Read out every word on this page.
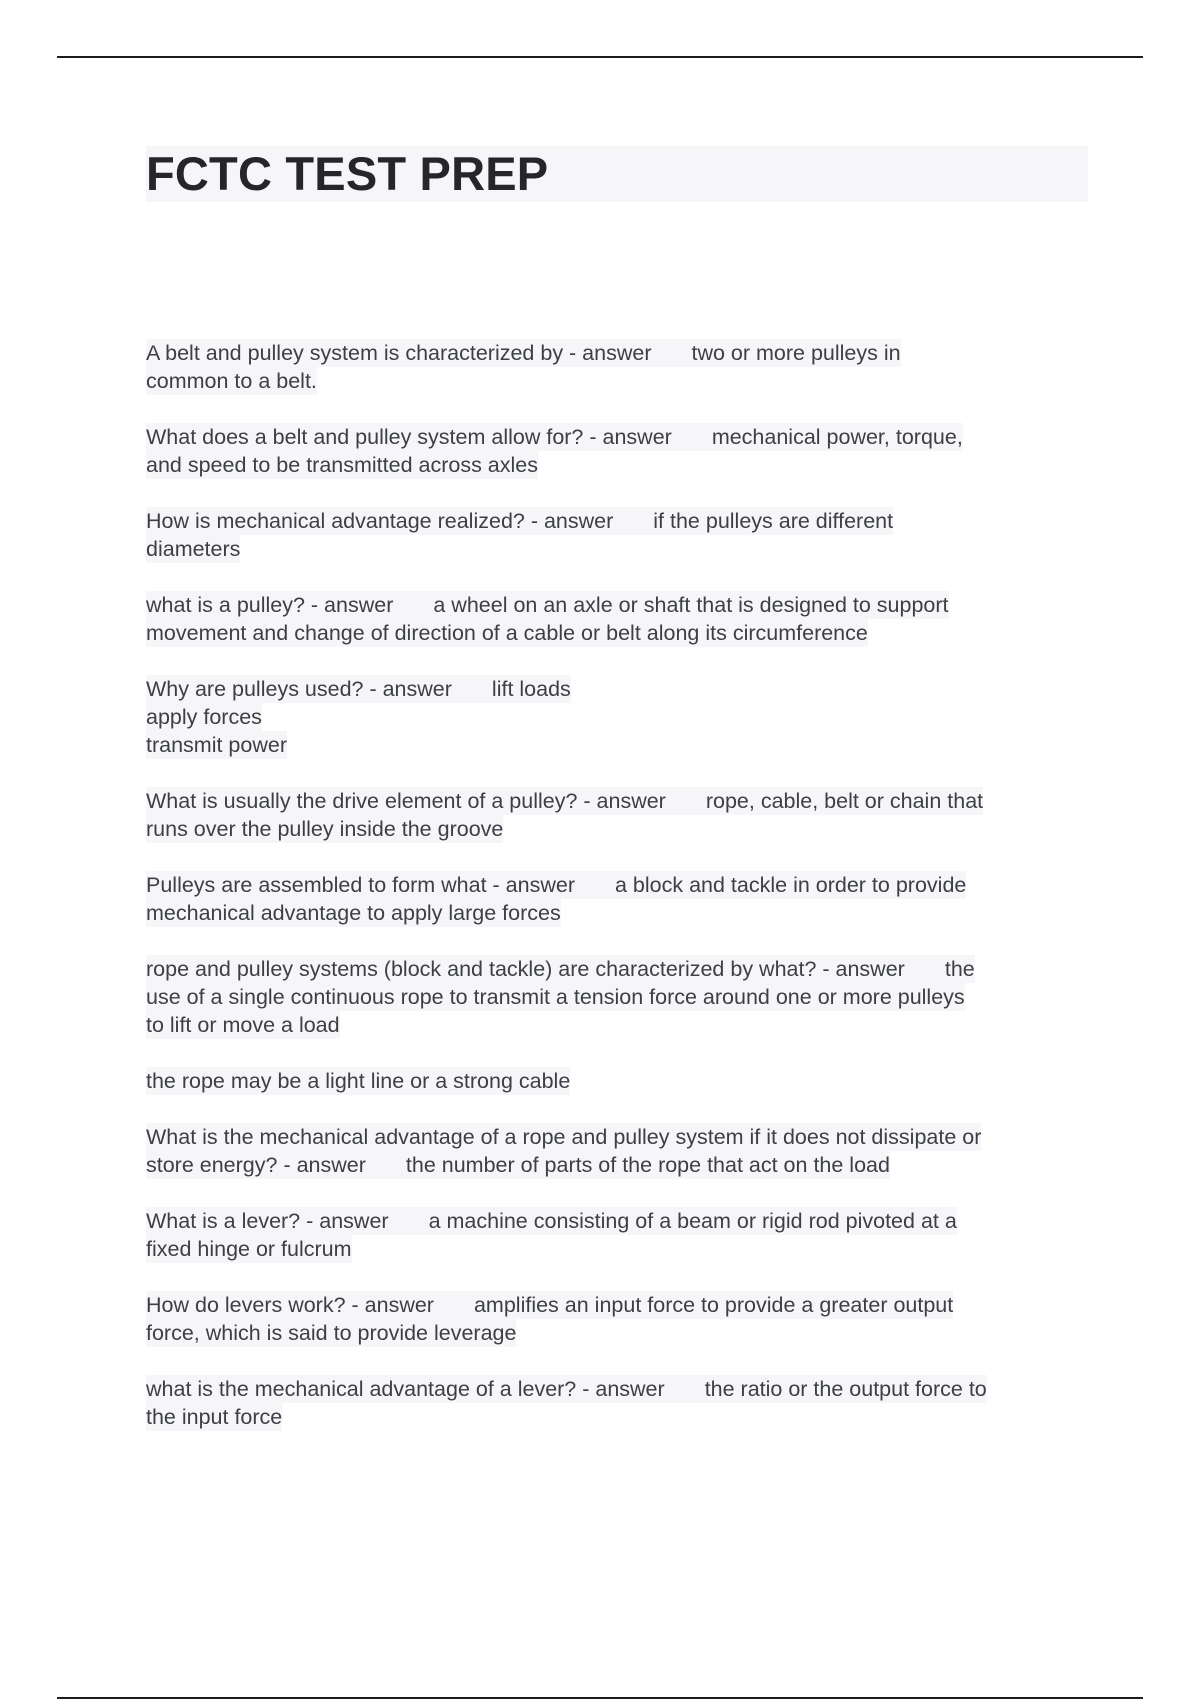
FCTC TEST PREP
A belt and pulley system is characterized by - answer two or more pulleys in
common to a belt.
What does a belt and pulley system allow for? - answer mechanical power, torque,
and speed to be transmitted across axles
How is mechanical advantage realized? - answer if the pulleys are different
diameters
what is a pulley? - answer a wheel on an axle or shaft that is designed to support
movement and change of direction of a cable or belt along its circumference
Why are pulleys used? - answer lift loads
apply forces
transmit power
What is usually the drive element of a pulley? - answer rope, cable, belt or chain that
runs over the pulley inside the groove
Pulleys are assembled to form what - answer a block and tackle in order to provide
mechanical advantage to apply large forces
rope and pulley systems (block and tackle) are characterized by what? - answer the
use of a single continuous rope to transmit a tension force around one or more pulleys
to lift or move a load
the rope may be a light line or a strong cable
What is the mechanical advantage of a rope and pulley system if it does not dissipate or
store energy? - answer the number of parts of the rope that act on the load
What is a lever? - answer a machine consisting of a beam or rigid rod pivoted at a
fixed hinge or fulcrum
How do levers work? - answer amplifies an input force to provide a greater output
force, which is said to provide leverage
what is the mechanical advantage of a lever? - answer the ratio or the output force to
the input force
